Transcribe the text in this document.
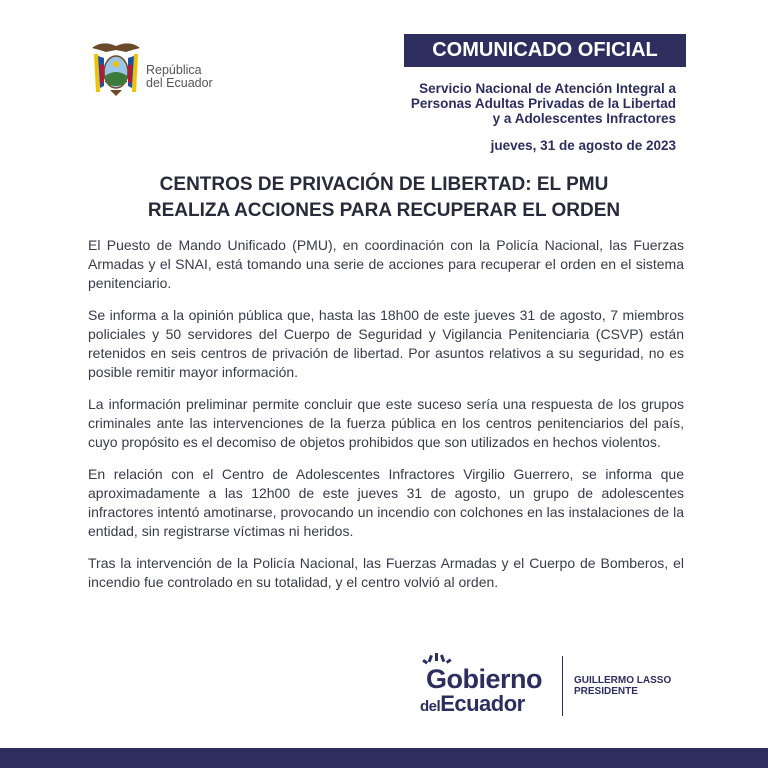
República
del Ecuador
COMUNICADO OFICIAL
Servicio Nacional de Atención Integral a
Personas Adultas Privadas de la Libertad
y a Adolescentes Infractores
jueves, 31 de agosto de 2023
CENTROS DE PRIVACIÓN DE LIBERTAD: EL PMU
REALIZA ACCIONES PARA RECUPERAR EL ORDEN

El Puesto de Mando Unificado (PMU), en coordinación con la Policía Nacional, las Fuerzas Armadas y el SNAI, está tomando una serie de acciones para recuperar el orden en el sistema penitenciario.

Se informa a la opinión pública que, hasta las 18h00 de este jueves 31 de agosto, 7 miembros policiales y 50 servidores del Cuerpo de Seguridad y Vigilancia Penitenciaria (CSVP) están retenidos en seis centros de privación de libertad. Por asuntos relativos a su seguridad, no es posible remitir mayor información.

La información preliminar permite concluir que este suceso sería una respuesta de los grupos criminales ante las intervenciones de la fuerza pública en los centros penitenciarios del país, cuyo propósito es el decomiso de objetos prohibidos que son utilizados en hechos violentos.

En relación con el Centro de Adolescentes Infractores Virgilio Guerrero, se informa que aproximadamente a las 12h00 de este jueves 31 de agosto, un grupo de adolescentes infractores intentó amotinarse, provocando un incendio con colchones en las instalaciones de la entidad, sin registrarse víctimas ni heridos.

Tras la intervención de la Policía Nacional, las Fuerzas Armadas y el Cuerpo de Bomberos, el incendio fue controlado en su totalidad, y el centro volvió al orden.

Gobierno
delEcuador
GUILLERMO LASSO
PRESIDENTE
